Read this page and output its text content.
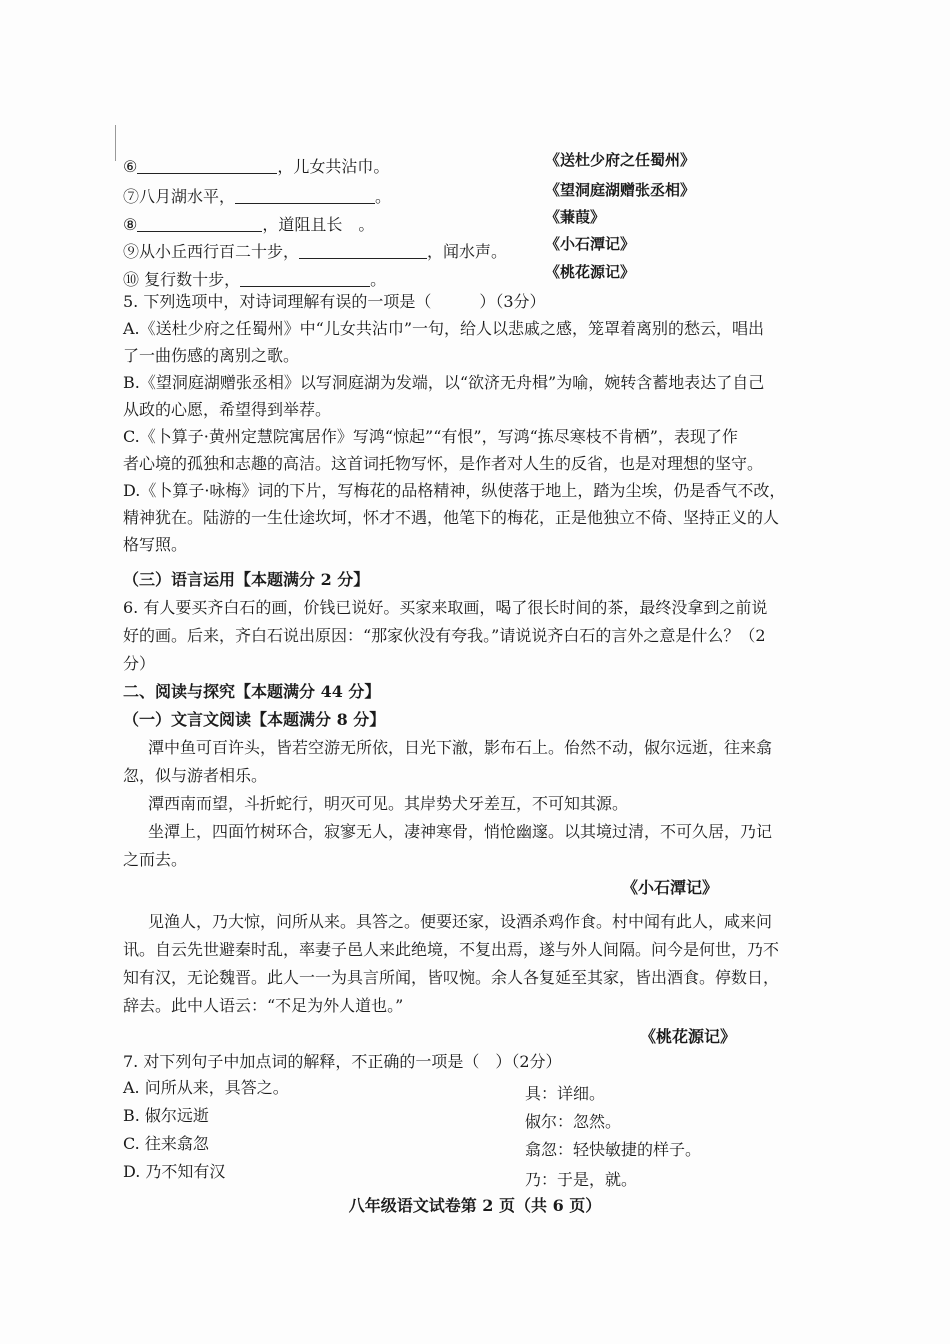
⑥	，儿女共沾巾。	《送杜少府之任蜀州》
⑦八月湖水平，	。	《望洞庭湖赠张丞相》
⑧	，道阻且长　。	《蒹葭》
⑨从小丘西行百二十步，	，闻水声。	《小石潭记》
⑩ 复行数十步，	。	《桃花源记》
5. 下列选项中，对诗词理解有误的一项是（　　　）（3分）
A.《送杜少府之任蜀州》中“儿女共沾巾”一句，给人以悲戚之感，笼罩着离别的愁云，唱出
了一曲伤感的离别之歌。
B.《望洞庭湖赠张丞相》以写洞庭湖为发端，以“欲济无舟楫”为喻，婉转含蓄地表达了自己
从政的心愿，希望得到举荐。
C.《卜算子·黄州定慧院寓居作》写鸿“惊起”“有恨”，写鸿“拣尽寒枝不肯栖”，表现了作
者心境的孤独和志趣的高洁。这首词托物写怀，是作者对人生的反省，也是对理想的坚守。
D.《卜算子·咏梅》词的下片，写梅花的品格精神，纵使落于地上，踏为尘埃，仍是香气不改，
精神犹在。陆游的一生仕途坎坷，怀才不遇，他笔下的梅花，正是他独立不倚、坚持正义的人
格写照。
（三）语言运用【本题满分 2 分】
6. 有人要买齐白石的画，价钱已说好。买家来取画，喝了很长时间的茶，最终没拿到之前说
好的画。后来，齐白石说出原因：“那家伙没有夸我。”请说说齐白石的言外之意是什么？（2
分）
二、阅读与探究【本题满分 44 分】
（一）文言文阅读【本题满分 8 分】
潭中鱼可百许头，皆若空游无所依，日光下澈，影布石上。佁然不动，俶尔远逝，往来翕
忽，似与游者相乐。
潭西南而望，斗折蛇行，明灭可见。其岸势犬牙差互，不可知其源。
坐潭上，四面竹树环合，寂寥无人，凄神寒骨，悄怆幽邃。以其境过清，不可久居，乃记
之而去。
《小石潭记》
见渔人，乃大惊，问所从来。具答之。便要还家，设酒杀鸡作食。村中闻有此人，咸来问
讯。自云先世避秦时乱，率妻子邑人来此绝境，不复出焉，遂与外人间隔。问今是何世，乃不
知有汉，无论魏晋。此人一一为具言所闻，皆叹惋。余人各复延至其家，皆出酒食。停数日，
辞去。此中人语云：“不足为外人道也。”
《桃花源记》
7. 对下列句子中加点词的解释，不正确的一项是（　）（2分）
A. 问所从来，具答之。	具：详细。
B. 俶尔远逝	俶尔：忽然。
C. 往来翕忽	翕忽：轻快敏捷的样子。
D. 乃不知有汉	乃：于是，就。
八年级语文试卷第 2 页（共 6 页）
